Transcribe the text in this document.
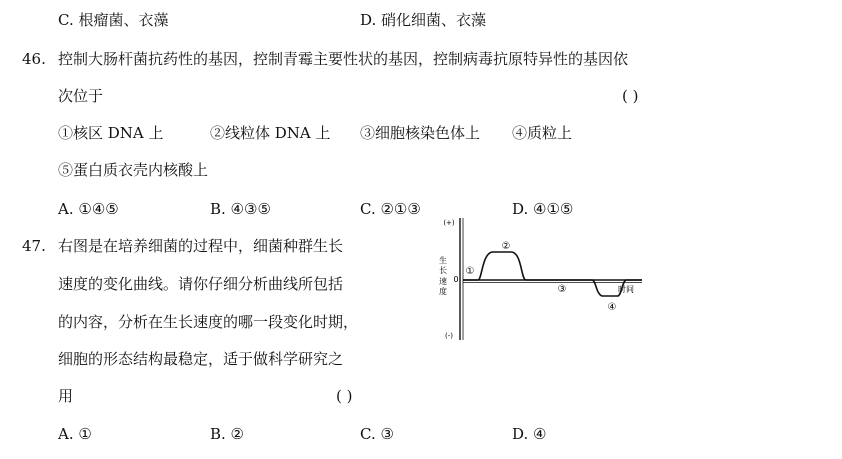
C. 根瘤菌、衣藻	D. 硝化细菌、衣藻
46. 控制大肠杆菌抗药性的基因，控制青霉主要性状的基因，控制病毒抗原特异性的基因依
次位于	( )
①核区 DNA 上	②线粒体 DNA 上 ③细胞核染色体上 ④质粒上
⑤蛋白质衣壳内核酸上
A. ①④⑤	B. ④③⑤	C. ②①③	D. ④①⑤
47. 右图是在培养细菌的过程中，细菌种群生长
速度的变化曲线。请你仔细分析曲线所包括
的内容，分析在生长速度的哪一段变化时期，
细胞的形态结构最稳定，适于做科学研究之
用	( )
A. ①	B. ②	C. ③	D. ④
(+)
(-)
生
长
速
度
0
时间
①
②
③
④
